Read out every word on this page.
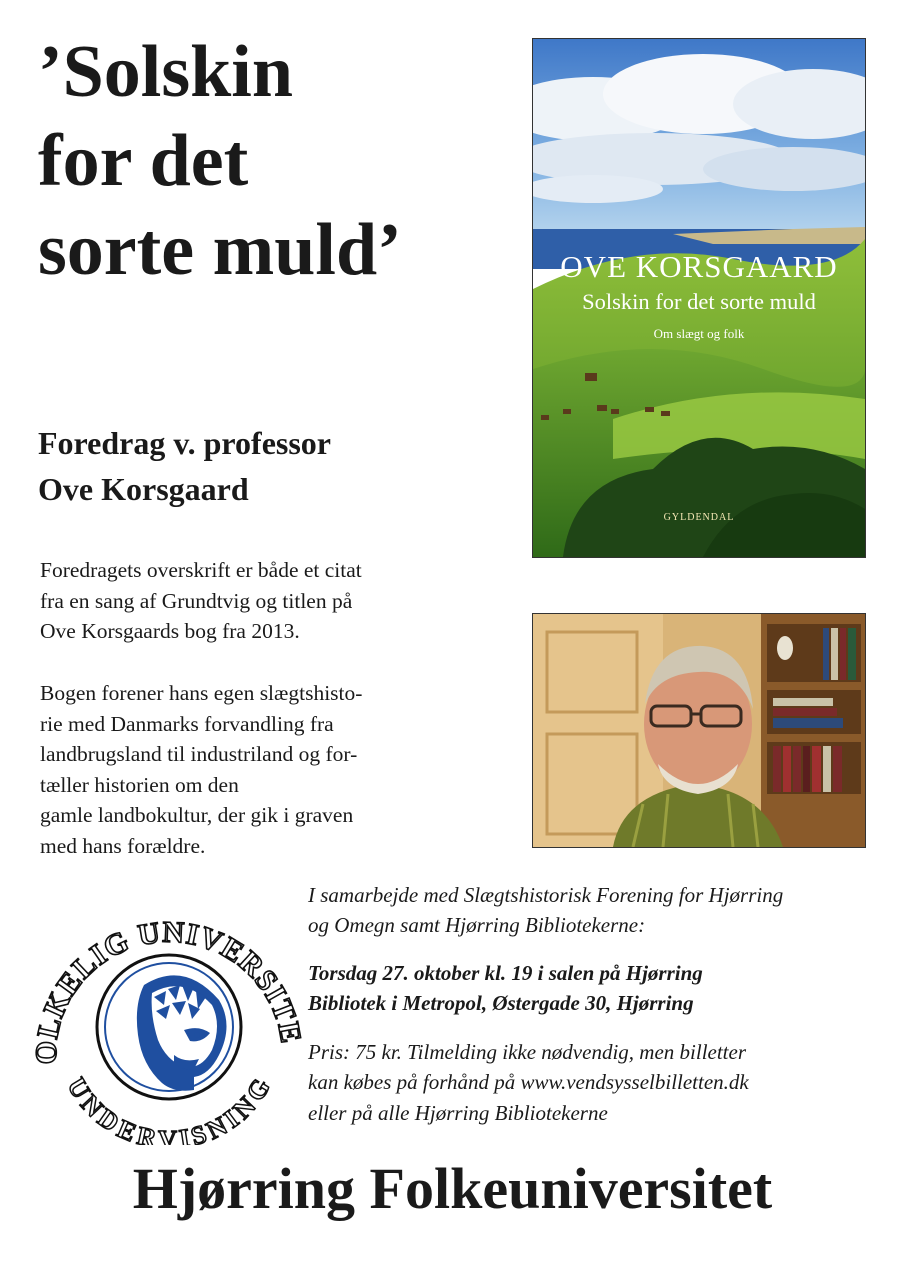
’Solskin
for det
sorte muld’
Foredrag v. professor
Ove Korsgaard
Foredragets overskrift er både et citat
fra en sang af Grundtvig og titlen på
Ove Korsgaards bog fra 2013.
Bogen forener hans egen slægtshisto-
rie med Danmarks forvandling fra
landbrugsland til industriland og for-
tæller historien om den
gamle landbokultur, der gik i graven
med hans forældre.
OVE KORSGAARD
Solskin for det sorte muld
Om slægt og folk
GYLDENDAL
LKELIG UNIVERSITE
UNDERVISNING
I samarbejde med Slægtshistorisk Forening for Hjørring
og Omegn samt Hjørring Bibliotekerne:
Torsdag 27. oktober kl. 19 i salen på Hjørring
Bibliotek i Metropol, Østergade 30, Hjørring
Pris: 75 kr. Tilmelding ikke nødvendig, men billetter
kan købes på forhånd på www.vendsysselbilletten.dk
eller på alle Hjørring Bibliotekerne
Hjørring Folkeuniversitet
